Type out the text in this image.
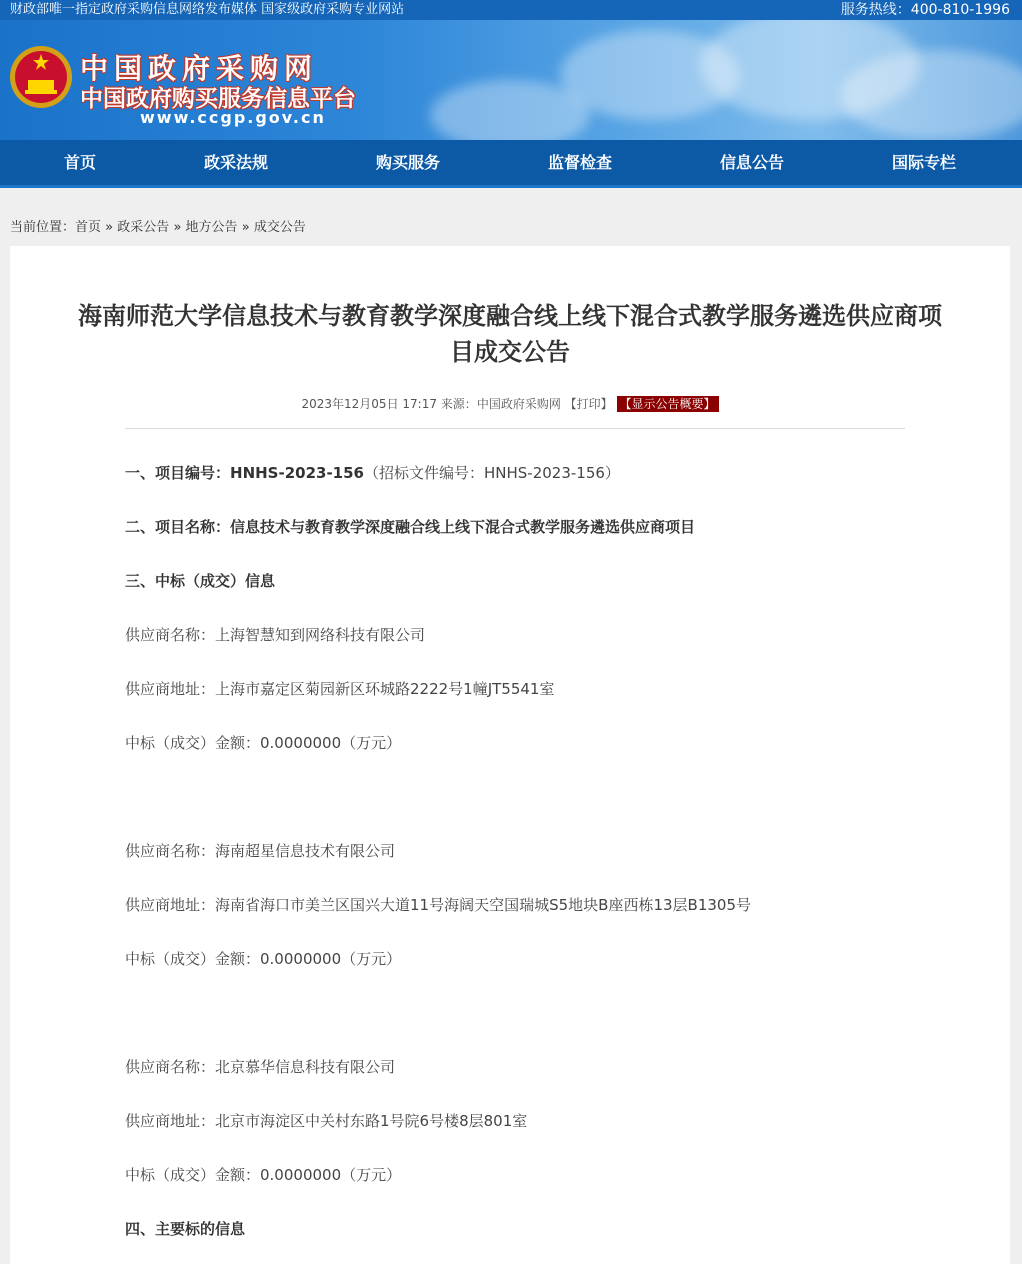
财政部唯一指定政府采购信息网络发布媒体 国家级政府采购专业网站	服务热线：400-810-1996
中国政府采购网
中国政府购买服务信息平台
www.ccgp.gov.cn
首页	政采法规	购买服务	监督检查	信息公告	国际专栏
当前位置：首页 » 政采公告 » 地方公告 » 成交公告
海南师范大学信息技术与教育教学深度融合线上线下混合式教学服务遴选供应商项
目成交公告
2023年12月05日 17:17 来源：中国政府采购网 【打印】 【显示公告概要】
一、项目编号：HNHS-2023-156（招标文件编号：HNHS-2023-156）
二、项目名称：信息技术与教育教学深度融合线上线下混合式教学服务遴选供应商项目
三、中标（成交）信息
供应商名称：上海智慧知到网络科技有限公司
供应商地址：上海市嘉定区菊园新区环城路2222号1幢JT5541室
中标（成交）金额：0.0000000（万元）
供应商名称：海南超星信息技术有限公司
供应商地址：海南省海口市美兰区国兴大道11号海阔天空国瑞城S5地块B座西栋13层B1305号
中标（成交）金额：0.0000000（万元）
供应商名称：北京慕华信息科技有限公司
供应商地址：北京市海淀区中关村东路1号院6号楼8层801室
中标（成交）金额：0.0000000（万元）
四、主要标的信息
